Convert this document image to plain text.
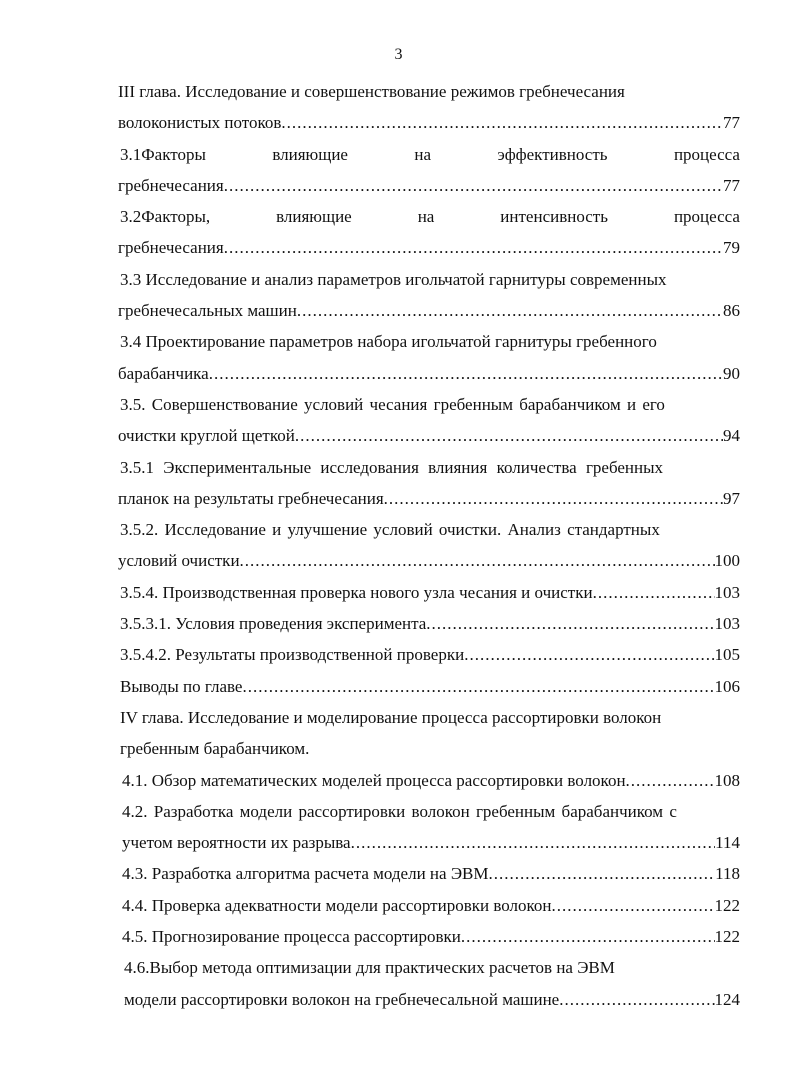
3
III глава. Исследование и совершенствование режимов гребнечесания
волоконистых потоков .....	77
3.1Факторы	влияющие	на	эффективность	процесса
гребнечесания .....	77
3.2Факторы,	влияющие	на	интенсивность	процесса
гребнечесания .....	79
3.3 Исследование и анализ параметров игольчатой гарнитуры современных
гребнечесальных машин .....	86
3.4 Проектирование параметров набора игольчатой гарнитуры гребенного
барабанчика .....	90
3.5. Совершенствование условий чесания гребенным барабанчиком и его
очистки круглой щеткой .....	94
3.5.1 Экспериментальные исследования влияния количества гребенных
планок на результаты гребнечесания .....	97
3.5.2. Исследование и улучшение условий очистки. Анализ стандартных
условий очистки .....	100
3.5.4. Производственная проверка нового узла чесания и очистки .....	103
3.5.3.1. Условия проведения эксперимента .....	103
3.5.4.2. Результаты производственной проверки .....	105
Выводы по главе .....	106
IV глава. Исследование и моделирование процесса рассортировки волокон
гребенным барабанчиком.
4.1. Обзор математических моделей процесса рассортировки волокон .....	108
4.2. Разработка модели рассортировки волокон гребенным барабанчиком с
учетом вероятности их разрыва .....	114
4.3. Разработка алгоритма расчета модели на ЭВМ .....	118
4.4. Проверка адекватности модели рассортировки волокон .....	122
4.5. Прогнозирование процесса рассортировки .....	122
4.6.Выбор метода оптимизации для практических расчетов на ЭВМ
модели рассортировки волокон на гребнечесальной машине .....	124
